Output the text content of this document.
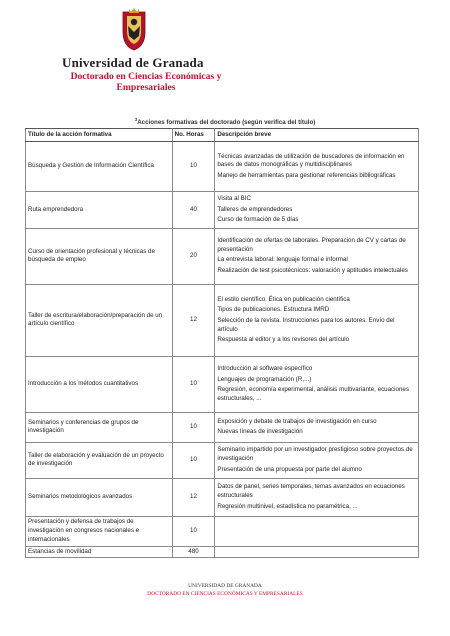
Universidad de Granada
Doctorado en Ciencias Económicas y Empresariales
$^3$Acciones formativas del doctorado (según verifica del título)
Título de la acción formativa	No. Horas	Descripción breve
Búsqueda y Gestión de Información Científica	10	Técnicas avanzadas de utilización de buscadores de información en bases de datos monográficas y multidisciplinares
Manejo de herramientas para gestionar referencias bibliográficas

Ruta emprendedora	40	Visita al BIC
Talleres de emprendedores
Curso de formación de 5 días

Curso de orientación profesional y técnicas de búsqueda de empleo	20	Identificación de ofertas de laborales. Preparación de CV y cartas de presentación
La entrevista laboral: lenguaje formal e informal
Realización de test psicotécnicos: valoración y aptitudes intelectuales

Taller de escritura/elaboración/preparación de un artículo científico	12	El estilo científico. Ética en publicación científica
Tipos de publicaciones. Estructura IMRD
Selección de la revista. Instrucciones para los autores. Envío del artículo
Respuesta al editor y a los revisores del artículo

Introducción a los métodos cuantitativos	10	Introducción al software específico
Lenguajes de programación (R,...)
Regresión, economía experimental, análisis multivariante, ecuaciones estructurales, ...

Seminarios y conferencias de grupos de investigación	10	Exposición y debate de trabajos de investigación en curso
Nuevas líneas de investigación

Taller de elaboración y evaluación de un proyecto de investigación	10	Seminario impartido por un investigador prestigioso sobre proyectos de investigación
Presentación de una propuesta por parte del alumno

Seminarios metodológicos avanzados	12	Datos de panel, series temporales, temas avanzados en ecuaciones estructurales
Regresión multinivel, estadística no paramétrica, ...

Presentación y defensa de trabajos de investigación en congresos nacionales e internacionales	10	
Estancias de movilidad	480	
UNIVERSIDAD DE GRANADA
DOCTORADO EN CIENCIAS ECONÓMICAS Y EMPRESARIALES
